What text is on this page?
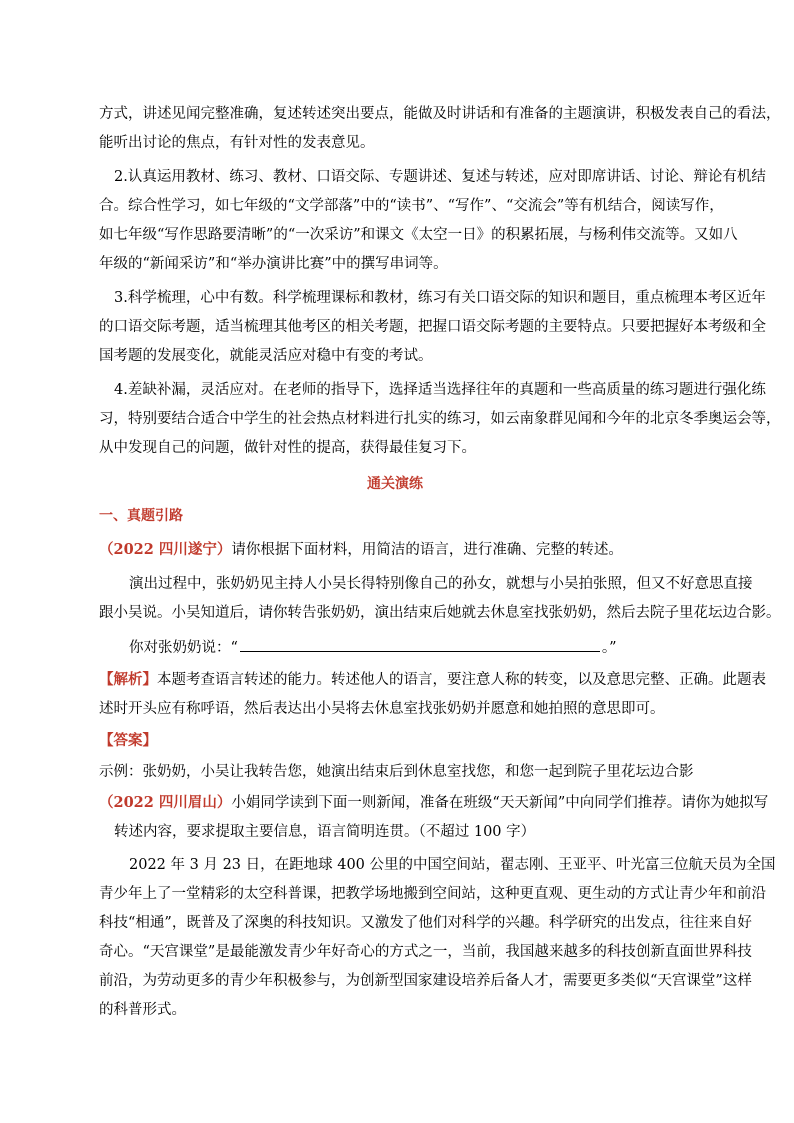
方式，讲述见闻完整准确，复述转述突出要点，能做及时讲话和有准备的主题演讲，积极发表自己的看法，
能听出讨论的焦点，有针对性的发表意见。
2.认真运用教材、练习、教材、口语交际、专题讲述、复述与转述，应对即席讲话、讨论、辩论有机结
合。综合性学习，如七年级的“文学部落”中的“读书”、“写作”、“交流会”等有机结合，阅读写作，
如七年级“写作思路要清晰”的“一次采访”和课文《太空一日》的积累拓展，与杨利伟交流等。又如八
年级的“新闻采访”和“举办演讲比赛”中的撰写串词等。
3.科学梳理，心中有数。科学梳理课标和教材，练习有关口语交际的知识和题目，重点梳理本考区近年
的口语交际考题，适当梳理其他考区的相关考题，把握口语交际考题的主要特点。只要把握好本考级和全
国考题的发展变化，就能灵活应对稳中有变的考试。
4.差缺补漏，灵活应对。在老师的指导下，选择适当选择往年的真题和一些高质量的练习题进行强化练
习，特别要结合适合中学生的社会热点材料进行扎实的练习，如云南象群见闻和今年的北京冬季奥运会等，
从中发现自己的问题，做针对性的提高，获得最佳复习下。
通关演练
一、真题引路
（2022 四川遂宁）请你根据下面材料，用简洁的语言，进行准确、完整的转述。
演出过程中，张奶奶见主持人小吴长得特别像自己的孙女，就想与小吴拍张照，但又不好意思直接
跟小吴说。小吴知道后，请你转告张奶奶，演出结束后她就去休息室找张奶奶，然后去院子里花坛边合影。
你对张奶奶说：“	。”
【解析】本题考查语言转述的能力。转述他人的语言，要注意人称的转变，以及意思完整、正确。此题表
述时开头应有称呼语，然后表达出小吴将去休息室找张奶奶并愿意和她拍照的意思即可。
【答案】
示例：张奶奶，小吴让我转告您，她演出结束后到休息室找您，和您一起到院子里花坛边合影
（2022 四川眉山）小娟同学读到下面一则新闻，准备在班级“天天新闻”中向同学们推荐。请你为她拟写
转述内容，要求提取主要信息，语言简明连贯。（不超过 100 字）
2022 年 3 月 23 日，在距地球 400 公里的中国空间站，翟志刚、王亚平、叶光富三位航天员为全国
青少年上了一堂精彩的太空科普课，把教学场地搬到空间站，这种更直观、更生动的方式让青少年和前沿
科技“相通”，既普及了深奥的科技知识。又激发了他们对科学的兴趣。科学研究的出发点，往往来自好
奇心。“天宫课堂”是最能激发青少年好奇心的方式之一，当前，我国越来越多的科技创新直面世界科技
前沿，为劳动更多的青少年积极参与，为创新型国家建设培养后备人才，需要更多类似“天宫课堂”这样
的科普形式。
